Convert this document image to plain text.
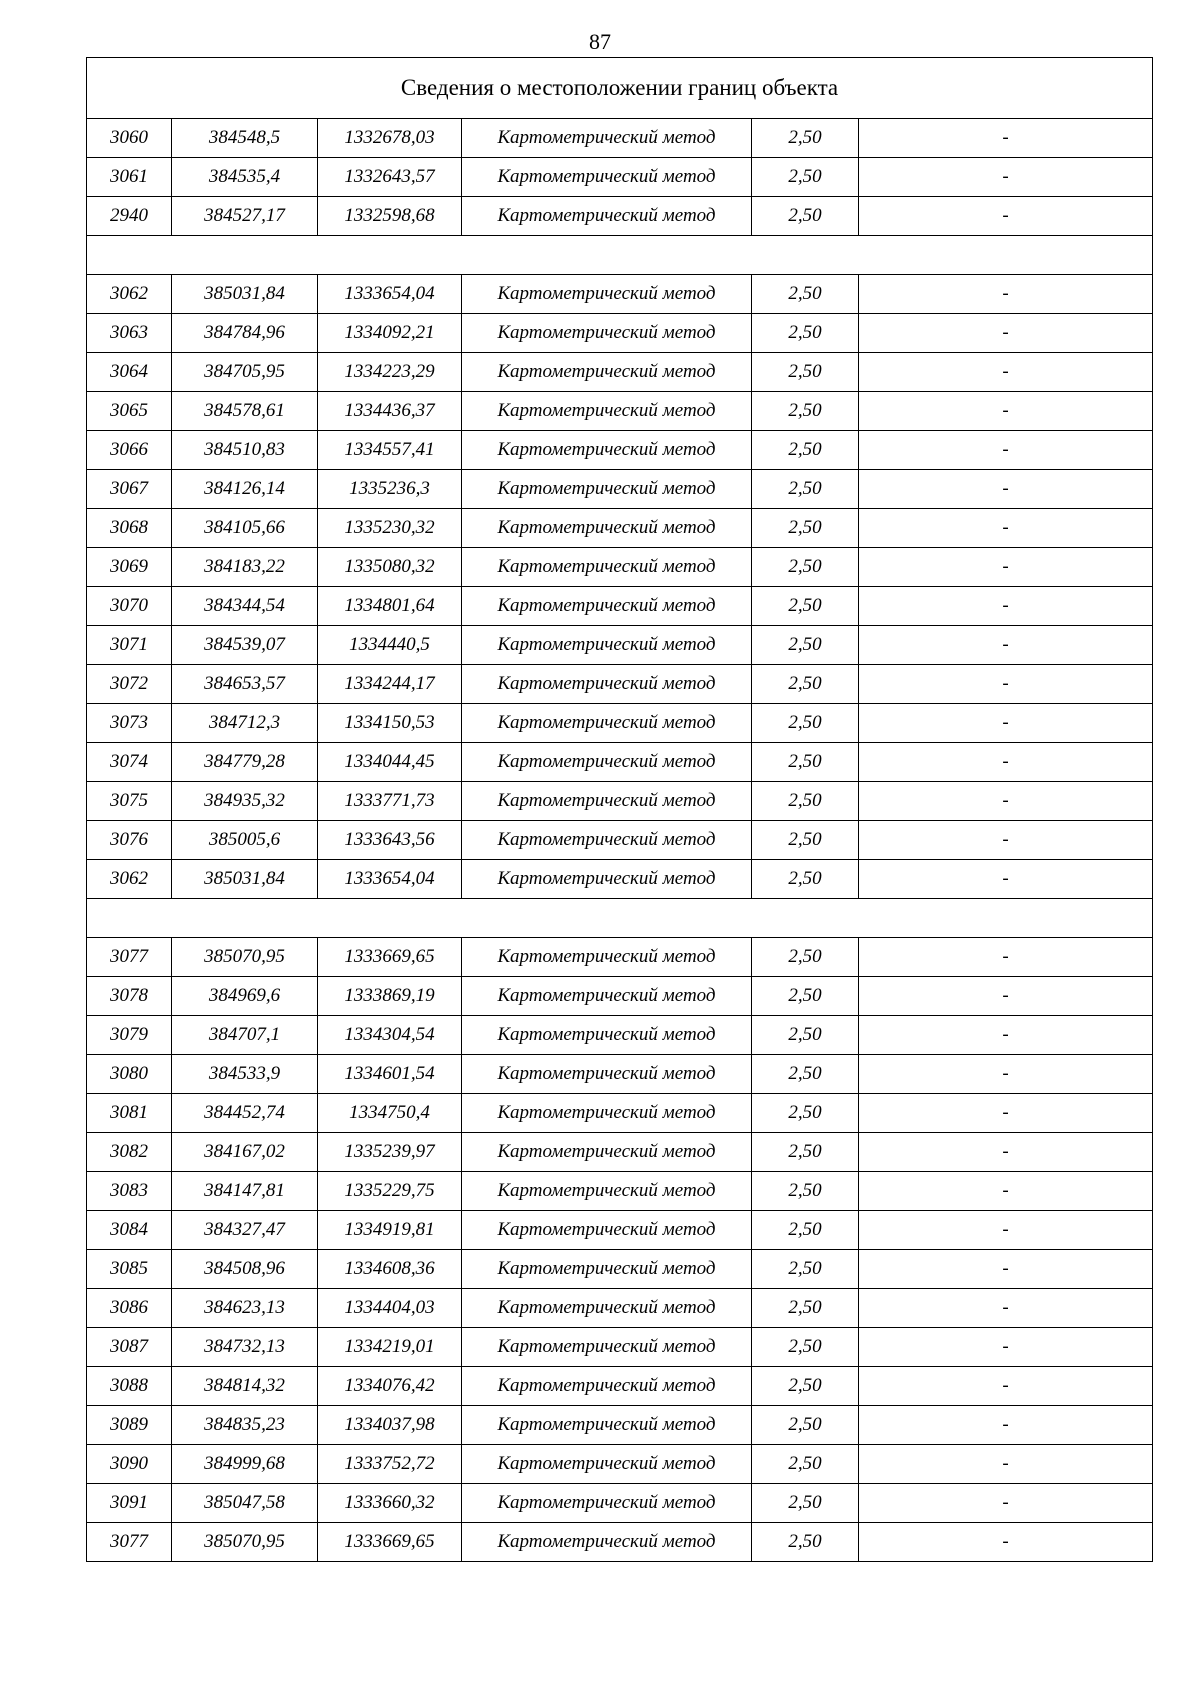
87
Сведения о местоположении границ объекта					
3060	384548,5	1332678,03	Картометрический метод	2,50	-
3061	384535,4	1332643,57	Картометрический метод	2,50	-
2940	384527,17	1332598,68	Картометрический метод	2,50	-

3062	385031,84	1333654,04	Картометрический метод	2,50	-
3063	384784,96	1334092,21	Картометрический метод	2,50	-
3064	384705,95	1334223,29	Картометрический метод	2,50	-
3065	384578,61	1334436,37	Картометрический метод	2,50	-
3066	384510,83	1334557,41	Картометрический метод	2,50	-
3067	384126,14	1335236,3	Картометрический метод	2,50	-
3068	384105,66	1335230,32	Картометрический метод	2,50	-
3069	384183,22	1335080,32	Картометрический метод	2,50	-
3070	384344,54	1334801,64	Картометрический метод	2,50	-
3071	384539,07	1334440,5	Картометрический метод	2,50	-
3072	384653,57	1334244,17	Картометрический метод	2,50	-
3073	384712,3	1334150,53	Картометрический метод	2,50	-
3074	384779,28	1334044,45	Картометрический метод	2,50	-
3075	384935,32	1333771,73	Картометрический метод	2,50	-
3076	385005,6	1333643,56	Картометрический метод	2,50	-
3062	385031,84	1333654,04	Картометрический метод	2,50	-

3077	385070,95	1333669,65	Картометрический метод	2,50	-
3078	384969,6	1333869,19	Картометрический метод	2,50	-
3079	384707,1	1334304,54	Картометрический метод	2,50	-
3080	384533,9	1334601,54	Картометрический метод	2,50	-
3081	384452,74	1334750,4	Картометрический метод	2,50	-
3082	384167,02	1335239,97	Картометрический метод	2,50	-
3083	384147,81	1335229,75	Картометрический метод	2,50	-
3084	384327,47	1334919,81	Картометрический метод	2,50	-
3085	384508,96	1334608,36	Картометрический метод	2,50	-
3086	384623,13	1334404,03	Картометрический метод	2,50	-
3087	384732,13	1334219,01	Картометрический метод	2,50	-
3088	384814,32	1334076,42	Картометрический метод	2,50	-
3089	384835,23	1334037,98	Картометрический метод	2,50	-
3090	384999,68	1333752,72	Картометрический метод	2,50	-
3091	385047,58	1333660,32	Картометрический метод	2,50	-
3077	385070,95	1333669,65	Картометрический метод	2,50	-
